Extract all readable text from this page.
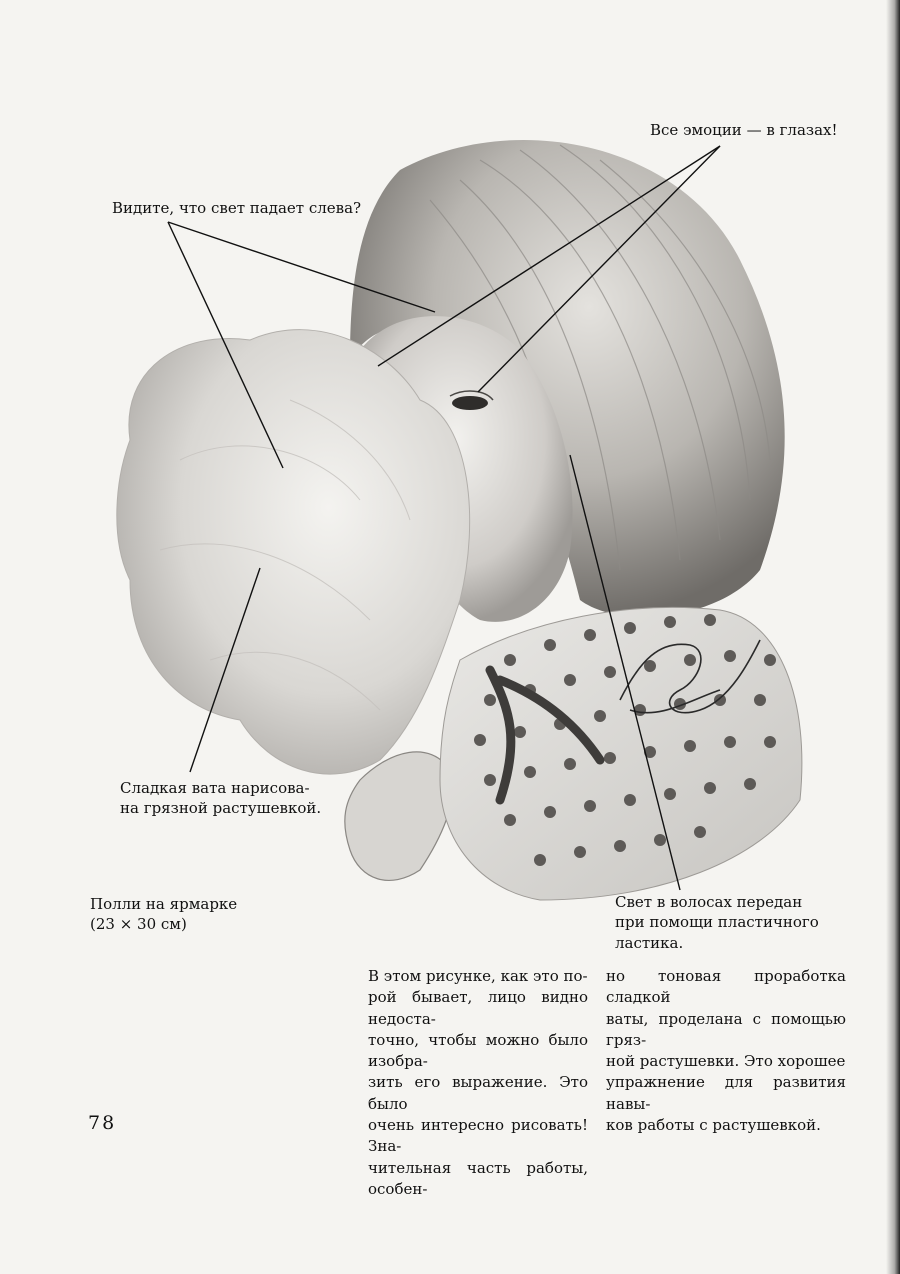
Все эмоции — в глазах!
Видите, что свет падает слева?
Сладкая вата нарисова-
на грязной растушевкой.
Свет в волосах передан
при помощи пластичного
ластика.
Полли на ярмарке
(23 × 30 см)
В этом рисунке, как это по-
рой бывает, лицо видно недоста-
точно, чтобы можно было изобра-
зить его выражение. Это было
очень интересно рисовать! Зна-
чительная часть работы, особен-
но тоновая проработка сладкой
ваты, проделана с помощью гряз-
ной растушевки. Это хорошее
упражнение для развития навы-
ков работы с растушевкой.
78
